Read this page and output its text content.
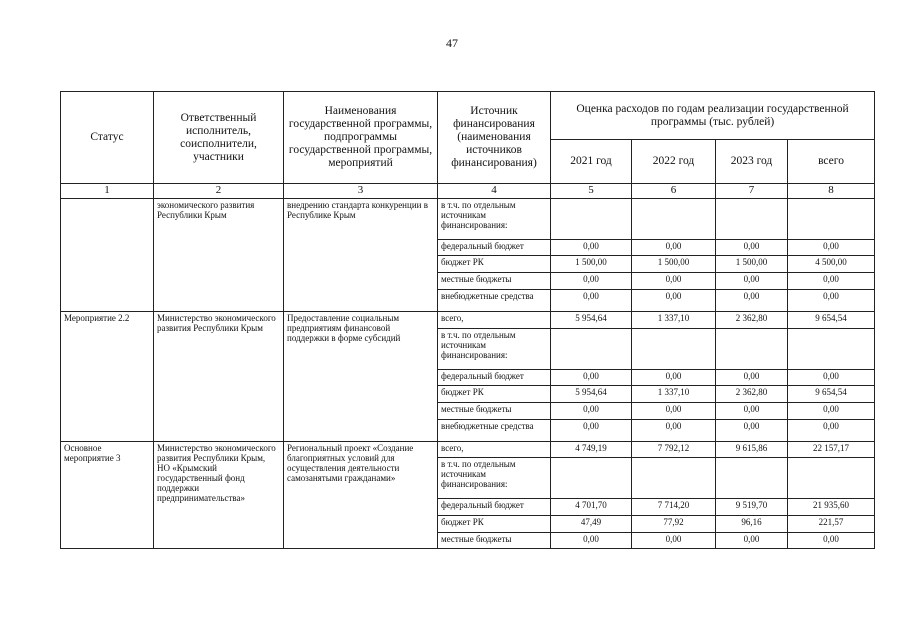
47
Статус	Ответственный исполнитель, соисполнители, участники	Наименования государственной программы, подпрограммы государственной программы, мероприятий	Источник финансирования (наименования источников финансирования)	Оценка расходов по годам реализации государственной программы (тыс. рублей)			
				2021 год	2022 год	2023 год	всего
1	2	3	4	5	6	7	8
	экономического развития Республики Крым	внедрению стандарта конкуренции в Республике Крым	в т.ч. по отдельным источникам финансирования:				
			федеральный бюджет	0,00	0,00	0,00	0,00
			бюджет РК	1 500,00	1 500,00	1 500,00	4 500,00
			местные бюджеты	0,00	0,00	0,00	0,00
			внебюджетные средства	0,00	0,00	0,00	0,00
Мероприятие 2.2	Министерство экономического развития Республики Крым	Предоставление социальным предприятиям финансовой поддержки в форме субсидий	всего,	5 954,64	1 337,10	2 362,80	9 654,54
			в т.ч. по отдельным источникам финансирования:				
			федеральный бюджет	0,00	0,00	0,00	0,00
			бюджет РК	5 954,64	1 337,10	2 362,80	9 654,54
			местные бюджеты	0,00	0,00	0,00	0,00
			внебюджетные средства	0,00	0,00	0,00	0,00
Основное мероприятие 3	Министерство экономического развития Республики Крым, НО «Крымский государственный фонд поддержки предпринимательства»	Региональный проект «Создание благоприятных условий для осуществления деятельности самозанятыми гражданами»	всего,	4 749,19	7 792,12	9 615,86	22 157,17
			в т.ч. по отдельным источникам финансирования:				
			федеральный бюджет	4 701,70	7 714,20	9 519,70	21 935,60
			бюджет РК	47,49	77,92	96,16	221,57
			местные бюджеты	0,00	0,00	0,00	0,00
